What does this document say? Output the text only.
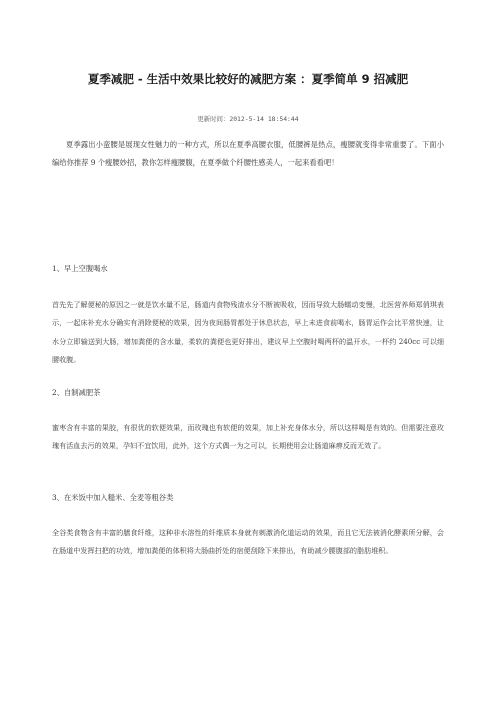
夏季减肥 - 生活中效果比较好的减肥方案 ：夏季简单 9 招减肥

更新时间：2012-5-14 18:54:44

夏季露出小蛮腰是展现女性魅力的一种方式，所以在夏季高腰衣服，低腰裤是热点，瘦腰就变得非常重要了。下面小编给你推荐 9 个瘦腰妙招，教你怎样瘦腰腹，在夏季做个纤腰性感美人，一起来看看吧！

1、早上空腹喝水

首先先了解便秘的原因之一就是饮水量不足，肠道内食物残渣水分不断被吸收，因而导致大肠蠕动变慢，北医营养师郑俏琪表示，一起床补充水分确实有消除便秘的效果，因为夜间肠胃都处于休息状态，早上未进食前喝水，肠胃运作会比平常快速，让水分立即输送到大肠，增加粪便的含水量，柔软的粪便也更好排出，建议早上空腹时喝两杯的温开水，一杯约 240cc 可以细腰收腹。

2、自制减肥茶

蜜枣含有丰富的果胶，有很优的软便效果，而玫瑰也有软便的效果，加上补充身体水分，所以这样喝是有效的。但需要注意玫瑰有活血去污的效果，孕妇不宜饮用，此外，这个方式偶一为之可以，长期使用会让肠道麻痹反而无效了。

3、在米饭中加入糙米、全麦等粗谷类

全谷类食物含有丰富的膳食纤维，这种非水溶性的纤维质本身就有刺激消化道运动的效果，而且它无法被消化酵素所分解，会在肠道中发挥扫把的功效，增加粪便的体积将大肠曲折处的宿便刮除下来排出，有助减少腰腹部的脂肪堆积。
